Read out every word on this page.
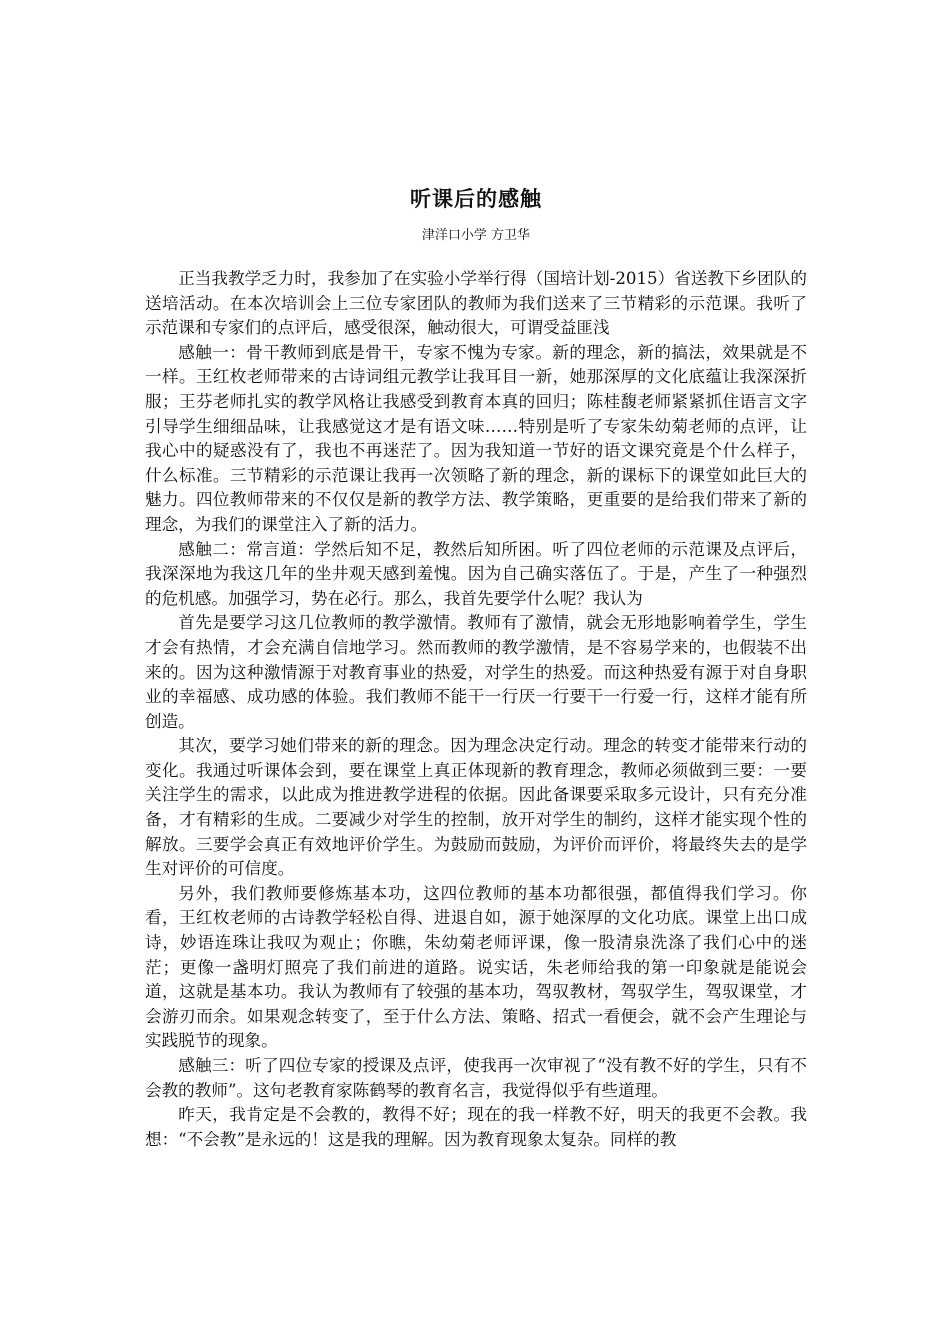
听课后的感触
津洋口小学 方卫华

正当我教学乏力时，我参加了在实验小学举行得（国培计划-2015）省送教下乡团队的送培活动。在本次培训会上三位专家团队的教师为我们送来了三节精彩的示范课。我听了示范课和专家们的点评后，感受很深，触动很大，可谓受益匪浅

感触一：骨干教师到底是骨干，专家不愧为专家。新的理念，新的搞法，效果就是不一样。王红枚老师带来的古诗词组元教学让我耳目一新，她那深厚的文化底蕴让我深深折服；王芬老师扎实的教学风格让我感受到教育本真的回归；陈桂馥老师紧紧抓住语言文字引导学生细细品味，让我感觉这才是有语文味……特别是听了专家朱幼菊老师的点评，让我心中的疑惑没有了，我也不再迷茫了。因为我知道一节好的语文课究竟是个什么样子，什么标准。三节精彩的示范课让我再一次领略了新的理念，新的课标下的课堂如此巨大的魅力。四位教师带来的不仅仅是新的教学方法、教学策略，更重要的是给我们带来了新的理念，为我们的课堂注入了新的活力。

感触二：常言道：学然后知不足，教然后知所困。听了四位老师的示范课及点评后，我深深地为我这几年的坐井观天感到羞愧。因为自己确实落伍了。于是，产生了一种强烈的危机感。加强学习，势在必行。那么，我首先要学什么呢？我认为

首先是要学习这几位教师的教学激情。教师有了激情，就会无形地影响着学生，学生才会有热情，才会充满自信地学习。然而教师的教学激情，是不容易学来的，也假装不出来的。因为这种激情源于对教育事业的热爱，对学生的热爱。而这种热爱有源于对自身职业的幸福感、成功感的体验。我们教师不能干一行厌一行要干一行爱一行，这样才能有所创造。

其次，要学习她们带来的新的理念。因为理念决定行动。理念的转变才能带来行动的变化。我通过听课体会到，要在课堂上真正体现新的教育理念，教师必须做到三要：一要关注学生的需求，以此成为推进教学进程的依据。因此备课要采取多元设计，只有充分准备，才有精彩的生成。二要减少对学生的控制，放开对学生的制约，这样才能实现个性的解放。三要学会真正有效地评价学生。为鼓励而鼓励，为评价而评价，将最终失去的是学生对评价的可信度。

另外，我们教师要修炼基本功，这四位教师的基本功都很强，都值得我们学习。你看，王红枚老师的古诗教学轻松自得、进退自如，源于她深厚的文化功底。课堂上出口成诗，妙语连珠让我叹为观止；你瞧，朱幼菊老师评课，像一股清泉洗涤了我们心中的迷茫；更像一盏明灯照亮了我们前进的道路。说实话，朱老师给我的第一印象就是能说会道，这就是基本功。我认为教师有了较强的基本功，驾驭教材，驾驭学生，驾驭课堂，才会游刃而余。如果观念转变了，至于什么方法、策略、招式一看便会，就不会产生理论与实践脱节的现象。

感触三：听了四位专家的授课及点评，使我再一次审视了“没有教不好的学生，只有不会教的教师”。这句老教育家陈鹤琴的教育名言，我觉得似乎有些道理。

昨天，我肯定是不会教的，教得不好；现在的我一样教不好，明天的我更不会教。我想：“不会教”是永远的！这是我的理解。因为教育现象太复杂。同样的教
